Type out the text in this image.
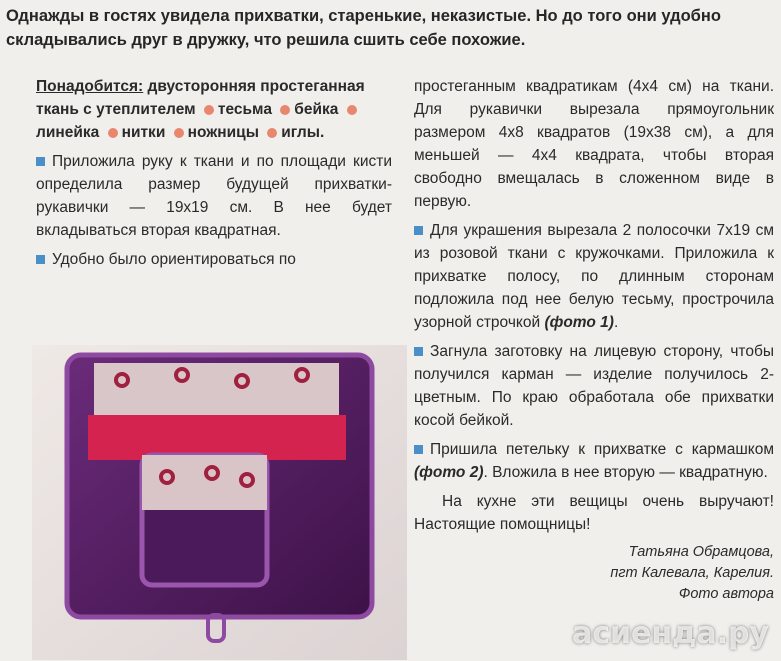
Однажды в гостях увидела прихватки, старенькие, неказистые. Но до того они удобно складывались друг в дружку, что решила сшить себе похожие.

Понадобится: двусторонняя простеганная ткань с утеплителем тесьма бейка линейка нитки ножницы иглы.

Приложила руку к ткани и по площади кисти определила размер будущей прихватки-рукавички — 19х19 см. В нее будет вкладываться вторая квадратная.

Удобно было ориентироваться по

простеганным квадратикам (4х4 см) на ткани. Для рукавички вырезала прямоугольник размером 4х8 квадратов (19х38 см), а для меньшей — 4х4 квадрата, чтобы вторая свободно вмещалась в сложенном виде в первую.

Для украшения вырезала 2 полосочки 7х19 см из розовой ткани с кружочками. Приложила к прихватке полосу, по длинным сторонам подложила под нее белую тесьму, прострочила узорной строчкой (фото 1).

Загнула заготовку на лицевую сторону, чтобы получился карман — изделие получилось 2-цветным. По краю обработала обе прихватки косой бейкой.

Пришила петельку к прихватке с кармашком (фото 2). Вложила в нее вторую — квадратную.

На кухне эти вещицы очень выручают! Настоящие помощницы!

Татьяна Обрамцова,
пгт Калевала, Карелия.
Фото автора
асиенда.ру
